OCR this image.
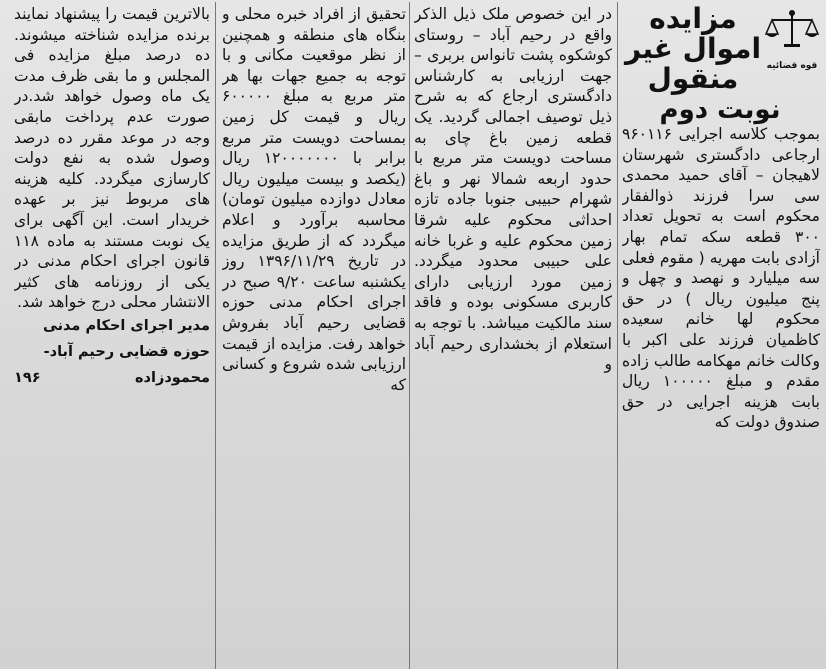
قوه قضائیه
مزایده
اموال غیر
منقول
نوبت دوم

بموجب کلاسه اجرایی ۹۶۰۱۱۶ ارجاعی دادگستری شهرستان لاهیجان – آقای حمید محمدی سی سرا فرزند ذوالفقار محکوم است به تحویل تعداد ۳۰۰ قطعه سکه تمام بهار آزادی بابت مهریه ( مقوم فعلی سه میلیارد و نهصد و چهل و پنج میلیون ریال ) در حق محکوم لها خانم سعیده کاظمیان فرزند علی اکبر با وکالت خانم مهکامه طالب زاده مقدم و مبلغ ۱۰۰۰۰۰ ریال بابت هزینه اجرایی در حق صندوق دولت که

در این خصوص ملک ذیل الذکر واقع در رحیم آباد – روستای کوشکوه پشت تانواس بربری – جهت ارزیابی به کارشناس دادگستری ارجاع که به شرح ذیل توصیف اجمالی گردید. یک قطعه زمین باغ چای به مساحت دویست متر مربع با حدود اربعه شمالا نهر و باغ شهرام حبیبی جنوبا جاده تازه احداثی محکوم علیه شرقا زمین محکوم علیه و غربا خانه علی حبیبی محدود میگردد. زمین مورد ارزیابی دارای کاربری مسکونی بوده و فاقد سند مالکیت میباشد. با توجه به استعلام از بخشداری رحیم آباد و

تحقیق از افراد خبره محلی و بنگاه های منطقه و همچنین از نظر موقعیت مکانی و با توجه به جمیع جهات بها هر متر مربع به مبلغ ۶۰۰۰۰۰ ریال و قیمت کل زمین بمساحت دویست متر مربع برابر با ۱۲۰۰۰۰۰۰۰ ریال (یکصد و بیست میلیون ریال معادل دوازده میلیون تومان) محاسبه برآورد و اعلام میگردد که از طریق مزایده در تاریخ ۱۳۹۶/۱۱/۲۹ روز یکشنبه ساعت ۹/۲۰ صبح در اجرای احکام مدنی حوزه قضایی رحیم آباد بفروش خواهد رفت. مزایده از قیمت ارزیابی شده شروع و کسانی که

بالاترین قیمت را پیشنهاد نمایند برنده مزایده شناخته میشوند. ده درصد مبلغ مزایده فی المجلس و ما بقی ظرف مدت یک ماه وصول خواهد شد.در صورت عدم پرداخت مابقی وجه در موعد مقرر ده درصد وصول شده به نفع دولت کارسازی میگردد. کلیه هزینه های مربوط نیز بر عهده خریدار است. این آگهی برای یک نوبت مستند به ماده ۱۱۸ قانون اجرای احکام مدنی در یکی از روزنامه های کثیر الانتشار محلی درج خواهد شد.

مدیر اجرای احکام مدنی
حوزه قضایی رحیم آباد-
محمودزاده
۱۹۶
